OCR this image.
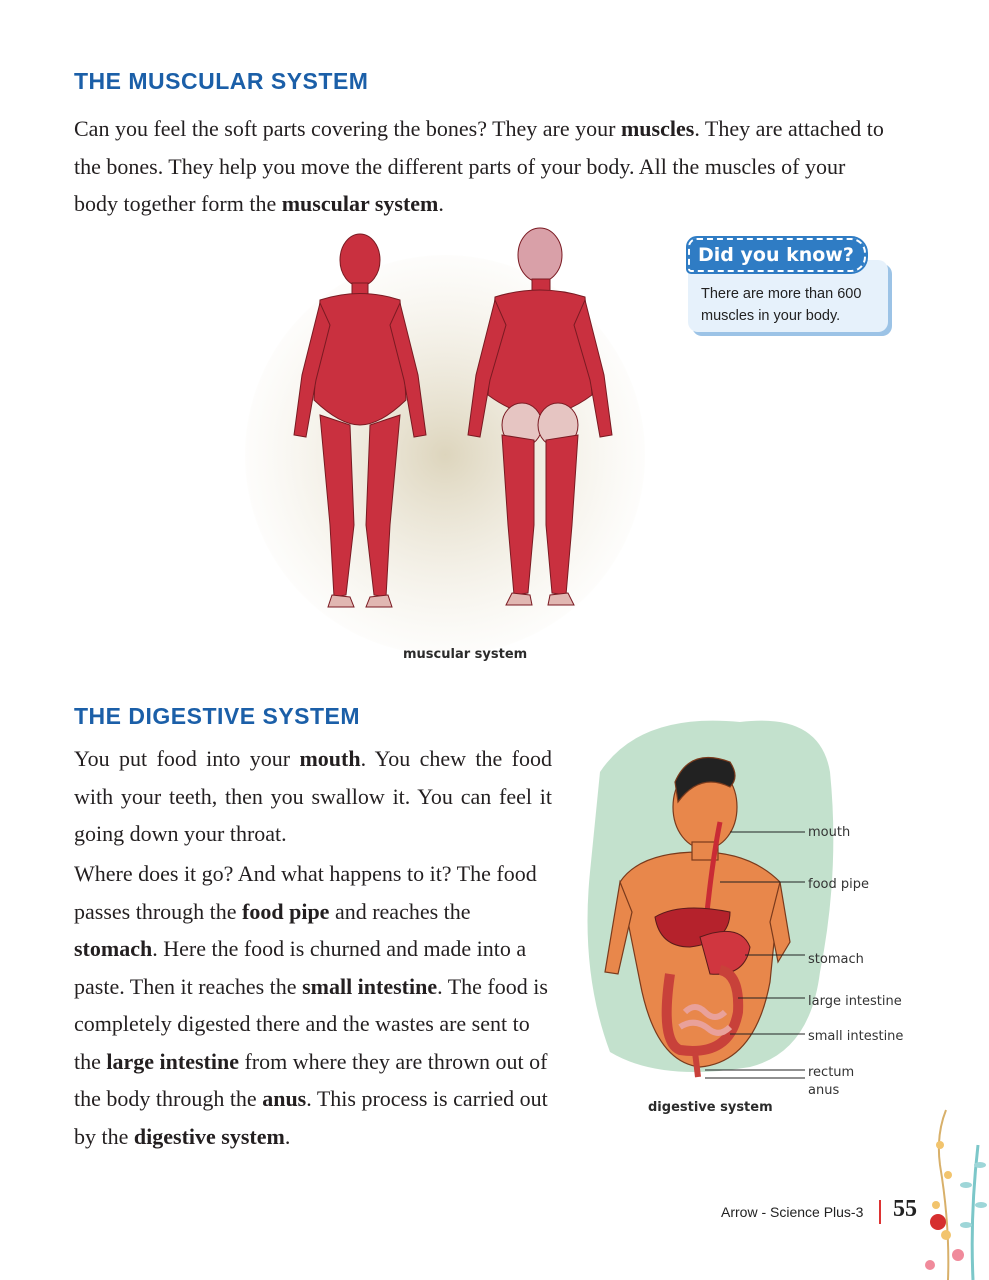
THE MUSCULAR SYSTEM

Can you feel the soft parts covering the bones? They are your muscles. They are attached to the bones. They help you move the different parts of your body. All the muscles of your body together form the muscular system.

muscular system

Did you know?

There are more than 600 muscles in your body.

THE DIGESTIVE SYSTEM

You put food into your mouth. You chew the food with your teeth, then you swallow it. You can feel it going down your throat.

Where does it go? And what happens to it? The food passes through the food pipe and reaches the stomach. Here the food is churned and made into a paste. Then it reaches the small intestine. The food is completely digested there and the wastes are sent to the large intestine from where they are thrown out of the body through the anus. This process is carried out by the digestive system.

mouth
food pipe
stomach
large intestine
small intestine
rectum
anus

digestive system

Arrow - Science Plus-3 55
